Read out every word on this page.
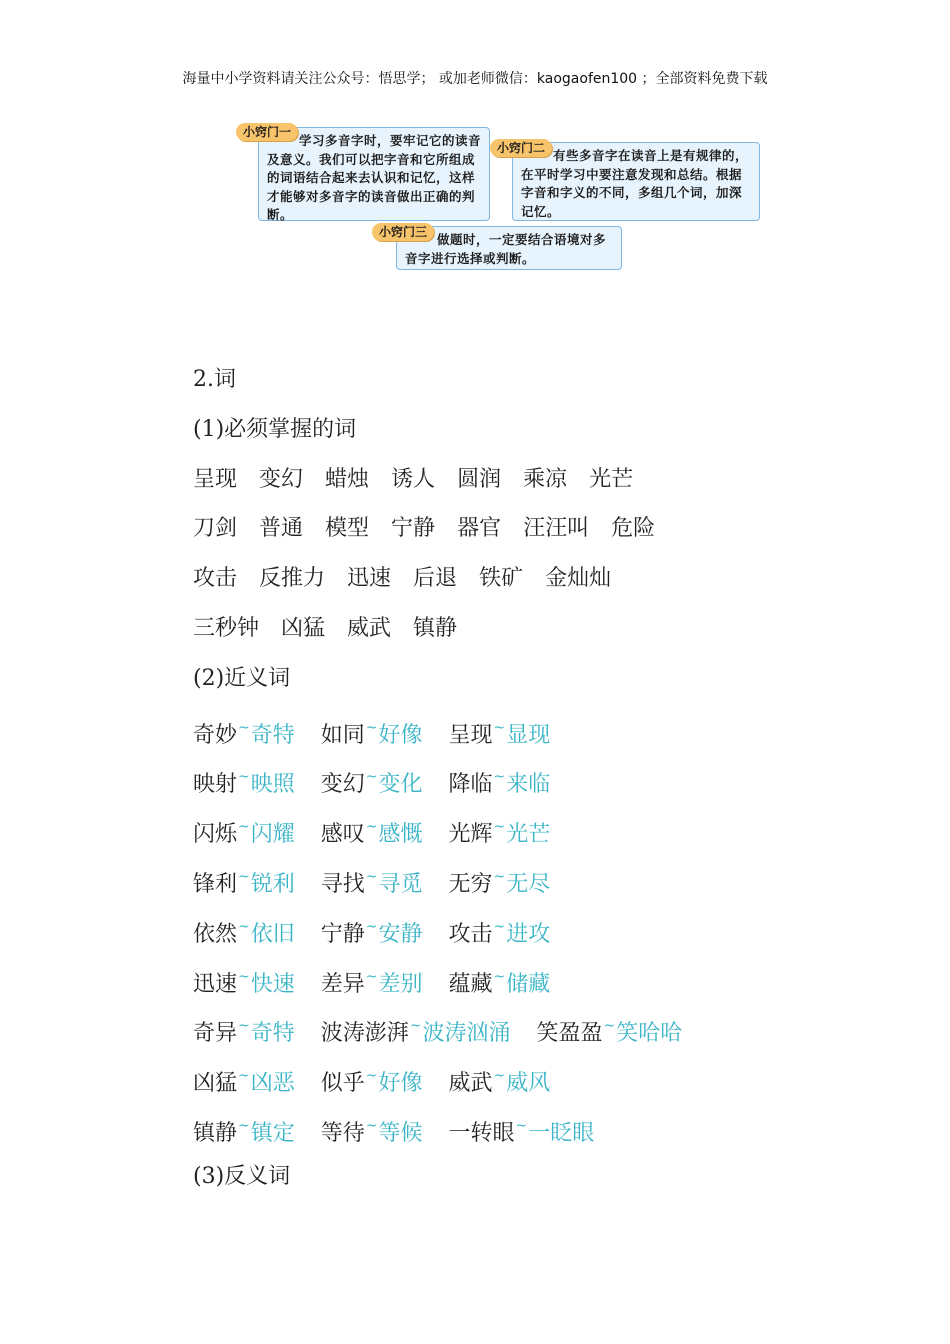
海量中小学资料请关注公众号：悟思学； 或加老师微信：kaogaofen100 ；全部资料免费下载
学习多音字时，要牢记它的读音及意义。我们可以把字音和它所组成的词语结合起来去认识和记忆，这样才能够对多音字的读音做出正确的判断。
小窍门一
有些多音字在读音上是有规律的，在平时学习中要注意发现和总结。根据字音和字义的不同，多组几个词，加深记忆。
小窍门二
做题时，一定要结合语境对多音字进行选择或判断。
小窍门三
2.词
(1)必须掌握的词
呈现 变幻 蜡烛 诱人 圆润 乘凉 光芒
刀剑 普通 模型 宁静 器官 汪汪叫 危险
攻击 反推力 迅速 后退 铁矿 金灿灿
三秒钟 凶猛 威武 镇静
(2)近义词
奇妙~奇特 如同~好像 呈现~显现
映射~映照 变幻~变化 降临~来临
闪烁~闪耀 感叹~感慨 光辉~光芒
锋利~锐利 寻找~寻觅 无穷~无尽
依然~依旧 宁静~安静 攻击~进攻
迅速~快速 差异~差别 蕴藏~储藏
奇异~奇特 波涛澎湃~波涛汹涌 笑盈盈~笑哈哈
凶猛~凶恶 似乎~好像 威武~威风
镇静~镇定 等待~等候 一转眼~一眨眼
(3)反义词
